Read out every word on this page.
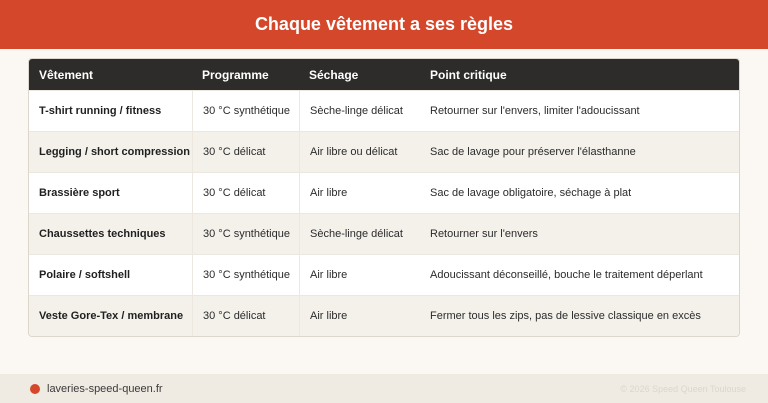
Chaque vêtement a ses règles
Vêtement	Programme	Séchage	Point critique
T-shirt running / fitness	30 °C synthétique	Sèche-linge délicat	Retourner sur l'envers, limiter l'adoucissant
Legging / short compression	30 °C délicat	Air libre ou délicat	Sac de lavage pour préserver l'élasthanne
Brassière sport	30 °C délicat	Air libre	Sac de lavage obligatoire, séchage à plat
Chaussettes techniques	30 °C synthétique	Sèche-linge délicat	Retourner sur l'envers
Polaire / softshell	30 °C synthétique	Air libre	Adoucissant déconseillé, bouche le traitement déperlant
Veste Gore-Tex / membrane	30 °C délicat	Air libre	Fermer tous les zips, pas de lessive classique en excès
laveries-speed-queen.fr	© 2026 Speed Queen Toulouse
